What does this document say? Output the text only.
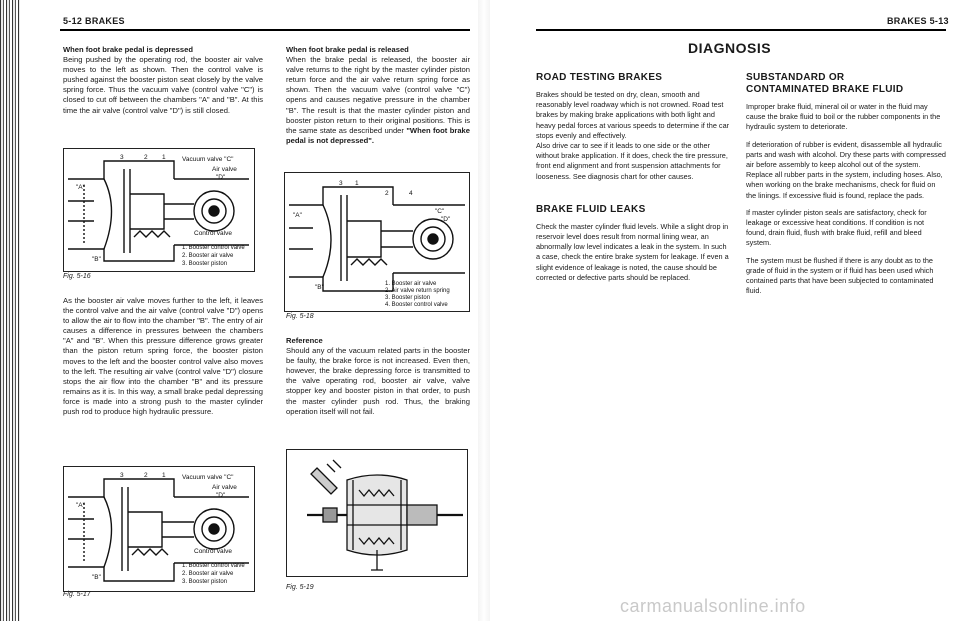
5-12 BRAKES

When foot brake pedal is depressed

Being pushed by the operating rod, the booster air valve moves to the left as shown. Then the control valve is pushed against the booster piston seat closely by the valve spring force. Thus the vacuum valve (control valve "C") is closed to cut off between the chambers "A" and "B". At this time the air valve (control valve "D") is still closed.

3	2 1	Vacuum valve "C"
Air valve
"D"
"A"
"B"
Control valve
1. Booster control valve
2. Booster air valve
3. Booster piston
Fig. 5-16

As the booster air valve moves further to the left, it leaves the control valve and the air valve (control valve "D") opens to allow the air to flow into the chamber "B". The entry of air causes a difference in pressures between the chambers "A" and "B". When this pressure difference grows greater than the piston return spring force, the booster piston moves to the left and the booster control valve also moves to the left. The resulting air valve (control valve "D") closure stops the air flow into the chamber "B" and its pressure remains as it is. In this way, a small brake pedal depressing force is made into a strong push to the master cylinder push rod to produce high hydraulic pressure.

3	2 1	Vacuum valve "C"
Air valve
"D"
"A"
"B"
Control valve
1. Booster control valve
2. Booster air valve
3. Booster piston
Fig. 5-17

When foot brake pedal is released

When the brake pedal is released, the booster air valve returns to the right by the master cylinder piston return force and the air valve return spring force as shown. Then the vacuum valve (control valve "C") opens and causes negative pressure in the chamber "B". The result is that the master cylinder piston and booster piston return to their original positions. This is the same state as described under "When foot brake pedal is not depressed".

3 1
2	4
"A"
"C"
"D"
"B"	1. Booster air valve
2. Air valve return spring
3. Booster piston
4. Booster control valve
Fig. 5-18

Reference

Should any of the vacuum related parts in the booster be faulty, the brake force is not increased. Even then, however, the brake depressing force is transmitted to the valve operating rod, booster air valve, valve stopper key and booster piston in that order, to push the master cylinder push rod. Thus, the braking operation itself will not fail.

Fig. 5-19
BRAKES 5-13
DIAGNOSIS
ROAD TESTING BRAKES

Brakes should be tested on dry, clean, smooth and reasonably level roadway which is not crowned. Road test brakes by making brake applications with both light and heavy pedal forces at various speeds to determine if the car stops evenly and effectively.

Also drive car to see if it leads to one side or the other without brake application. If it does, check the tire pressure, front end alignment and front suspension attachments for looseness. See diagnosis chart for other causes.

BRAKE FLUID LEAKS

Check the master cylinder fluid levels. While a slight drop in reservoir level does result from normal lining wear, an abnormally low level indicates a leak in the system. In such a case, check the entire brake system for leakage. If even a slight evidence of leakage is noted, the cause should be corrected or defective parts should be replaced.

SUBSTANDARD OR
CONTAMINATED BRAKE FLUID

Improper brake fluid, mineral oil or water in the fluid may cause the brake fluid to boil or the rubber components in the hydraulic system to deteriorate.

If deterioration of rubber is evident, disassemble all hydraulic parts and wash with alcohol. Dry these parts with compressed air before assembly to keep alcohol out of the system. Replace all rubber parts in the system, including hoses. Also, when working on the brake mechanisms, check for fluid on the linings. If excessive fluid is found, replace the pads.

If master cylinder piston seals are satisfactory, check for leakage or excessive heat conditions. If condition is not found, drain fluid, flush with brake fluid, refill and bleed system.

The system must be flushed if there is any doubt as to the grade of fluid in the system or if fluid has been used which contained parts that have been subjected to contaminated fluid.

carmanualsonline.info
